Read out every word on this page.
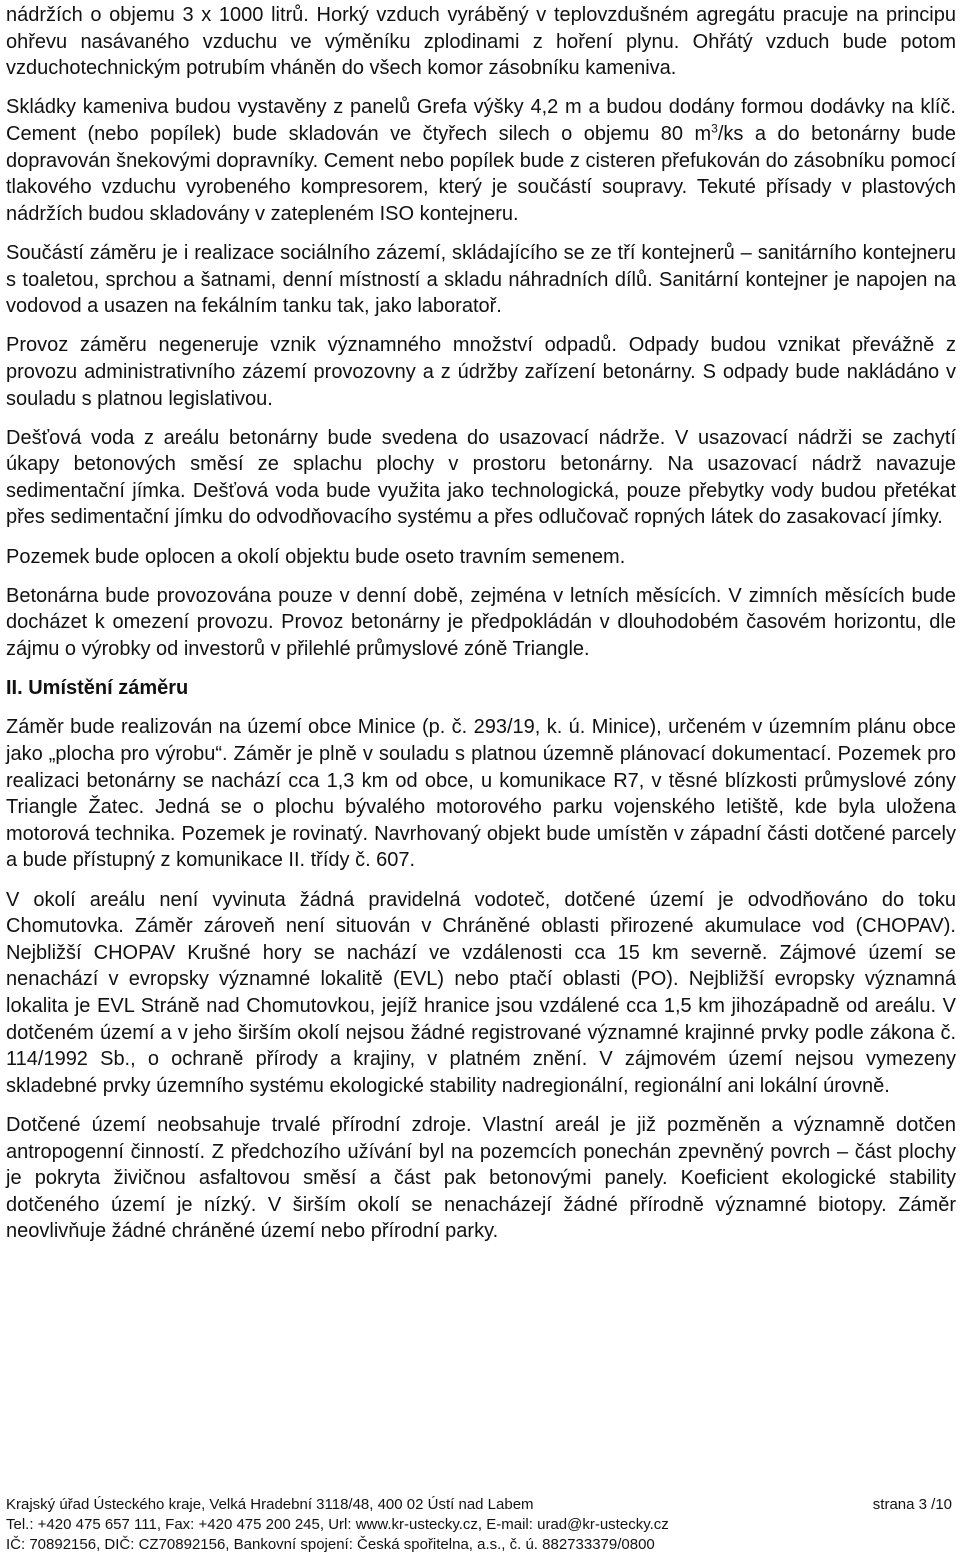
nádržích o objemu 3 x 1000 litrů. Horký vzduch vyráběný v teplovzdušném agregátu pracuje na principu ohřevu nasávaného vzduchu ve výměníku zplodinami z hoření plynu. Ohřátý vzduch bude potom vzduchotechnickým potrubím vháněn do všech komor zásobníku kameniva.

Skládky kameniva budou vystavěny z panelů Grefa výšky 4,2 m a budou dodány formou dodávky na klíč. Cement (nebo popílek) bude skladován ve čtyřech silech o objemu 80 $m^3/ks$ a do betonárny bude dopravován šnekovými dopravníky. Cement nebo popílek bude z cisteren přefukován do zásobníku pomocí tlakového vzduchu vyrobeného kompresorem, který je součástí soupravy. Tekuté přísady v plastových nádržích budou skladovány v zatepleném ISO kontejneru.

Součástí záměru je i realizace sociálního zázemí, skládajícího se ze tří kontejnerů – sanitárního kontejneru s toaletou, sprchou a šatnami, denní místností a skladu náhradních dílů. Sanitární kontejner je napojen na vodovod a usazen na fekálním tanku tak, jako laboratoř.

Provoz záměru negeneruje vznik významného množství odpadů. Odpady budou vznikat převážně z provozu administrativního zázemí provozovny a z údržby zařízení betonárny. S odpady bude nakládáno v souladu s platnou legislativou.

Dešťová voda z areálu betonárny bude svedena do usazovací nádrže. V usazovací nádrži se zachytí úkapy betonových směsí ze splachu plochy v prostoru betonárny. Na usazovací nádrž navazuje sedimentační jímka. Dešťová voda bude využita jako technologická, pouze přebytky vody budou přetékat přes sedimentační jímku do odvodňovacího systému a přes odlučovač ropných látek do zasakovací jímky.

Pozemek bude oplocen a okolí objektu bude oseto travním semenem.

Betonárna bude provozována pouze v denní době, zejména v letních měsících. V zimních měsících bude docházet k omezení provozu. Provoz betonárny je předpokládán v dlouhodobém časovém horizontu, dle zájmu o výrobky od investorů v přilehlé průmyslové zóně Triangle.

II. Umístění záměru

Záměr bude realizován na území obce Minice (p. č. 293/19, k. ú. Minice), určeném v územním plánu obce jako „plocha pro výrobu“. Záměr je plně v souladu s platnou územně plánovací dokumentací. Pozemek pro realizaci betonárny se nachází cca 1,3 km od obce, u komunikace R7, v těsné blízkosti průmyslové zóny Triangle Žatec. Jedná se o plochu bývalého motorového parku vojenského letiště, kde byla uložena motorová technika. Pozemek je rovinatý. Navrhovaný objekt bude umístěn v západní části dotčené parcely a bude přístupný z komunikace II. třídy č. 607.

V okolí areálu není vyvinuta žádná pravidelná vodoteč, dotčené území je odvodňováno do toku Chomutovka. Záměr zároveň není situován v Chráněné oblasti přirozené akumulace vod (CHOPAV). Nejbližší CHOPAV Krušné hory se nachází ve vzdálenosti cca 15 km severně. Zájmové území se nenachází v evropsky významné lokalitě (EVL) nebo ptačí oblasti (PO). Nejbližší evropsky významná lokalita je EVL Stráně nad Chomutovkou, jejíž hranice jsou vzdálené cca 1,5 km jihozápadně od areálu. V dotčeném území a v jeho širším okolí nejsou žádné registrované významné krajinné prvky podle zákona č. 114/1992 Sb., o ochraně přírody a krajiny, v platném znění. V zájmovém území nejsou vymezeny skladebné prvky územního systému ekologické stability nadregionální, regionální ani lokální úrovně.

Dotčené území neobsahuje trvalé přírodní zdroje. Vlastní areál je již pozměněn a významně dotčen antropogenní činností. Z předchozího užívání byl na pozemcích ponechán zpevněný povrch – část plochy je pokryta živičnou asfaltovou směsí a část pak betonovými panely. Koeficient ekologické stability dotčeného území je nízký. V širším okolí se nenacházejí žádné přírodně významné biotopy. Záměr neovlivňuje žádné chráněné území nebo přírodní parky.

Krajský úřad Ústeckého kraje, Velká Hradební 3118/48, 400 02 Ústí nad Labem	strana 3 /10
Tel.: +420 475 657 111, Fax: +420 475 200 245, Url: www.kr-ustecky.cz, E-mail: urad@kr-ustecky.cz
IČ: 70892156, DIČ: CZ70892156, Bankovní spojení: Česká spořitelna, a.s., č. ú. 882733379/0800
